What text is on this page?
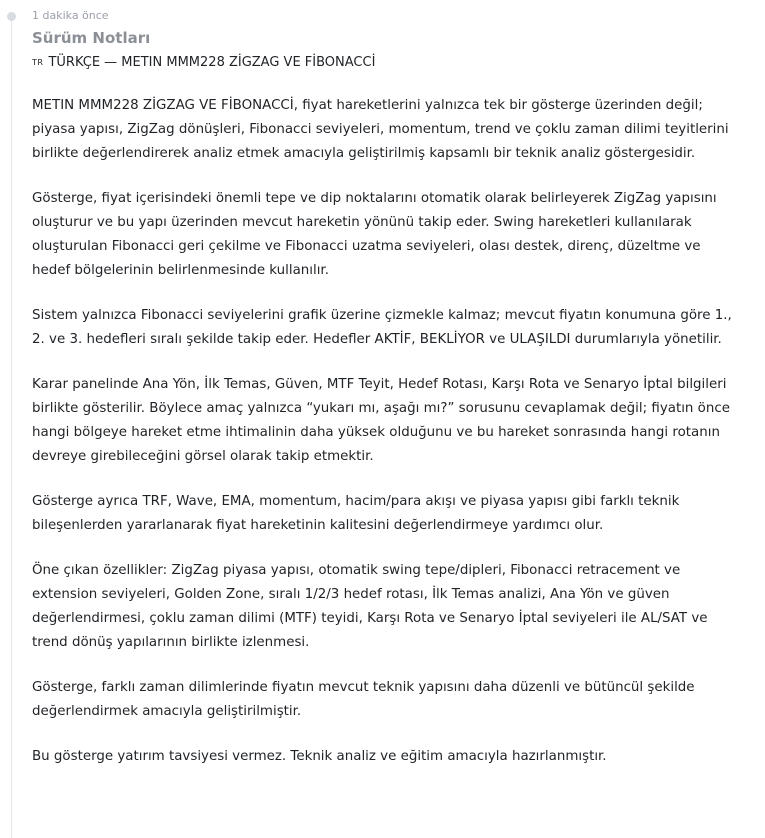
1 dakika önce
Sürüm Notları
TR TÜRKÇE — METIN MMM228 ZİGZAG VE FİBONACCİ

METIN MMM228 ZİGZAG VE FİBONACCİ, fiyat hareketlerini yalnızca tek bir gösterge üzerinden değil; piyasa yapısı, ZigZag dönüşleri, Fibonacci seviyeleri, momentum, trend ve çoklu zaman dilimi teyitlerini birlikte değerlendirerek analiz etmek amacıyla geliştirilmiş kapsamlı bir teknik analiz göstergesidir.

Gösterge, fiyat içerisindeki önemli tepe ve dip noktalarını otomatik olarak belirleyerek ZigZag yapısını oluşturur ve bu yapı üzerinden mevcut hareketin yönünü takip eder. Swing hareketleri kullanılarak oluşturulan Fibonacci geri çekilme ve Fibonacci uzatma seviyeleri, olası destek, direnç, düzeltme ve hedef bölgelerinin belirlenmesinde kullanılır.

Sistem yalnızca Fibonacci seviyelerini grafik üzerine çizmekle kalmaz; mevcut fiyatın konumuna göre 1., 2. ve 3. hedefleri sıralı şekilde takip eder. Hedefler AKTİF, BEKLİYOR ve ULAŞILDI durumlarıyla yönetilir.

Karar panelinde Ana Yön, İlk Temas, Güven, MTF Teyit, Hedef Rotası, Karşı Rota ve Senaryo İptal bilgileri birlikte gösterilir. Böylece amaç yalnızca “yukarı mı, aşağı mı?” sorusunu cevaplamak değil; fiyatın önce hangi bölgeye hareket etme ihtimalinin daha yüksek olduğunu ve bu hareket sonrasında hangi rotanın devreye girebileceğini görsel olarak takip etmektir.

Gösterge ayrıca TRF, Wave, EMA, momentum, hacim/para akışı ve piyasa yapısı gibi farklı teknik bileşenlerden yararlanarak fiyat hareketinin kalitesini değerlendirmeye yardımcı olur.

Öne çıkan özellikler: ZigZag piyasa yapısı, otomatik swing tepe/dipleri, Fibonacci retracement ve extension seviyeleri, Golden Zone, sıralı 1/2/3 hedef rotası, İlk Temas analizi, Ana Yön ve güven değerlendirmesi, çoklu zaman dilimi (MTF) teyidi, Karşı Rota ve Senaryo İptal seviyeleri ile AL/SAT ve trend dönüş yapılarının birlikte izlenmesi.

Gösterge, farklı zaman dilimlerinde fiyatın mevcut teknik yapısını daha düzenli ve bütüncül şekilde değerlendirmek amacıyla geliştirilmiştir.

Bu gösterge yatırım tavsiyesi vermez. Teknik analiz ve eğitim amacıyla hazırlanmıştır.
